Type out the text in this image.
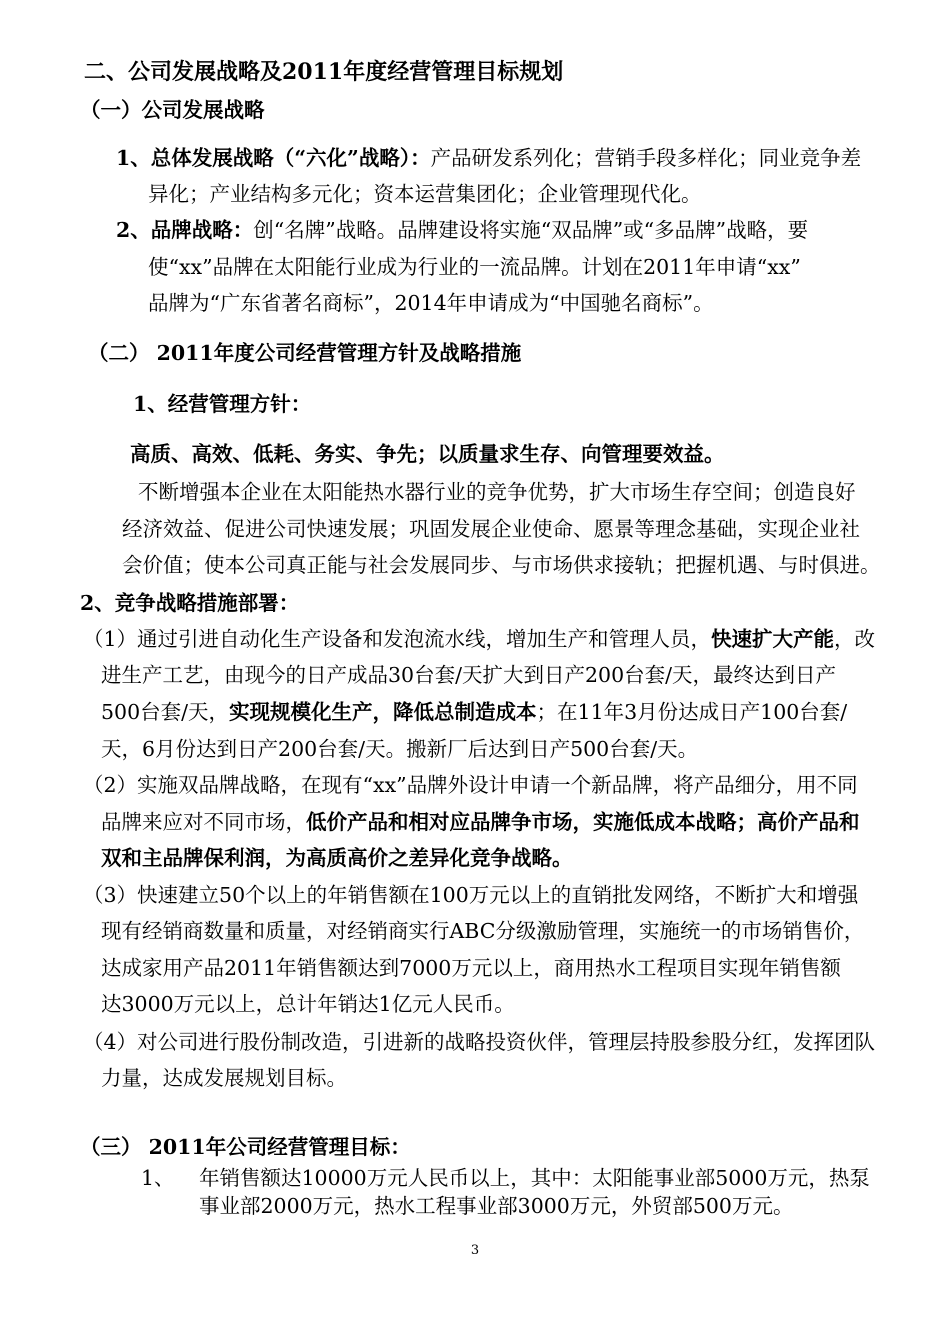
二、公司发展战略及2011年度经营管理目标规划
（一）公司发展战略
1、总体发展战略（“六化”战略）：产品研发系列化；营销手段多样化；同业竞争差
异化；产业结构多元化；资本运营集团化；企业管理现代化。
2、品牌战略：创“名牌”战略。品牌建设将实施“双品牌”或“多品牌”战略，要
使“xx”品牌在太阳能行业成为行业的一流品牌。计划在2011年申请“xx”
品牌为“广东省著名商标”，2014年申请成为“中国驰名商标”。
（二） 2011年度公司经营管理方针及战略措施
1、经营管理方针：
高质、高效、低耗、务实、争先；以质量求生存、向管理要效益。
不断增强本企业在太阳能热水器行业的竞争优势，扩大市场生存空间；创造良好
经济效益、促进公司快速发展；巩固发展企业使命、愿景等理念基础，实现企业社
会价值；使本公司真正能与社会发展同步、与市场供求接轨；把握机遇、与时俱进。
2、竞争战略措施部署：
（1）通过引进自动化生产设备和发泡流水线，增加生产和管理人员，快速扩大产能，改
进生产工艺，由现今的日产成品30台套/天扩大到日产200台套/天，最终达到日产
500台套/天，实现规模化生产，降低总制造成本；在11年3月份达成日产100台套/
天，6月份达到日产200台套/天。搬新厂后达到日产500台套/天。
（2）实施双品牌战略，在现有“xx”品牌外设计申请一个新品牌，将产品细分，用不同
品牌来应对不同市场，低价产品和相对应品牌争市场，实施低成本战略；高价产品和
双和主品牌保利润，为高质高价之差异化竞争战略。
（3）快速建立50个以上的年销售额在100万元以上的直销批发网络，不断扩大和增强
现有经销商数量和质量，对经销商实行ABC分级激励管理，实施统一的市场销售价，
达成家用产品2011年销售额达到7000万元以上，商用热水工程项目实现年销售额
达3000万元以上，总计年销达1亿元人民币。
（4）对公司进行股份制改造，引进新的战略投资伙伴，管理层持股参股分红，发挥团队
力量，达成发展规划目标。
（三） 2011年公司经营管理目标：
1、 年销售额达10000万元人民币以上，其中：太阳能事业部5000万元，热泵
事业部2000万元，热水工程事业部3000万元，外贸部500万元。
3
